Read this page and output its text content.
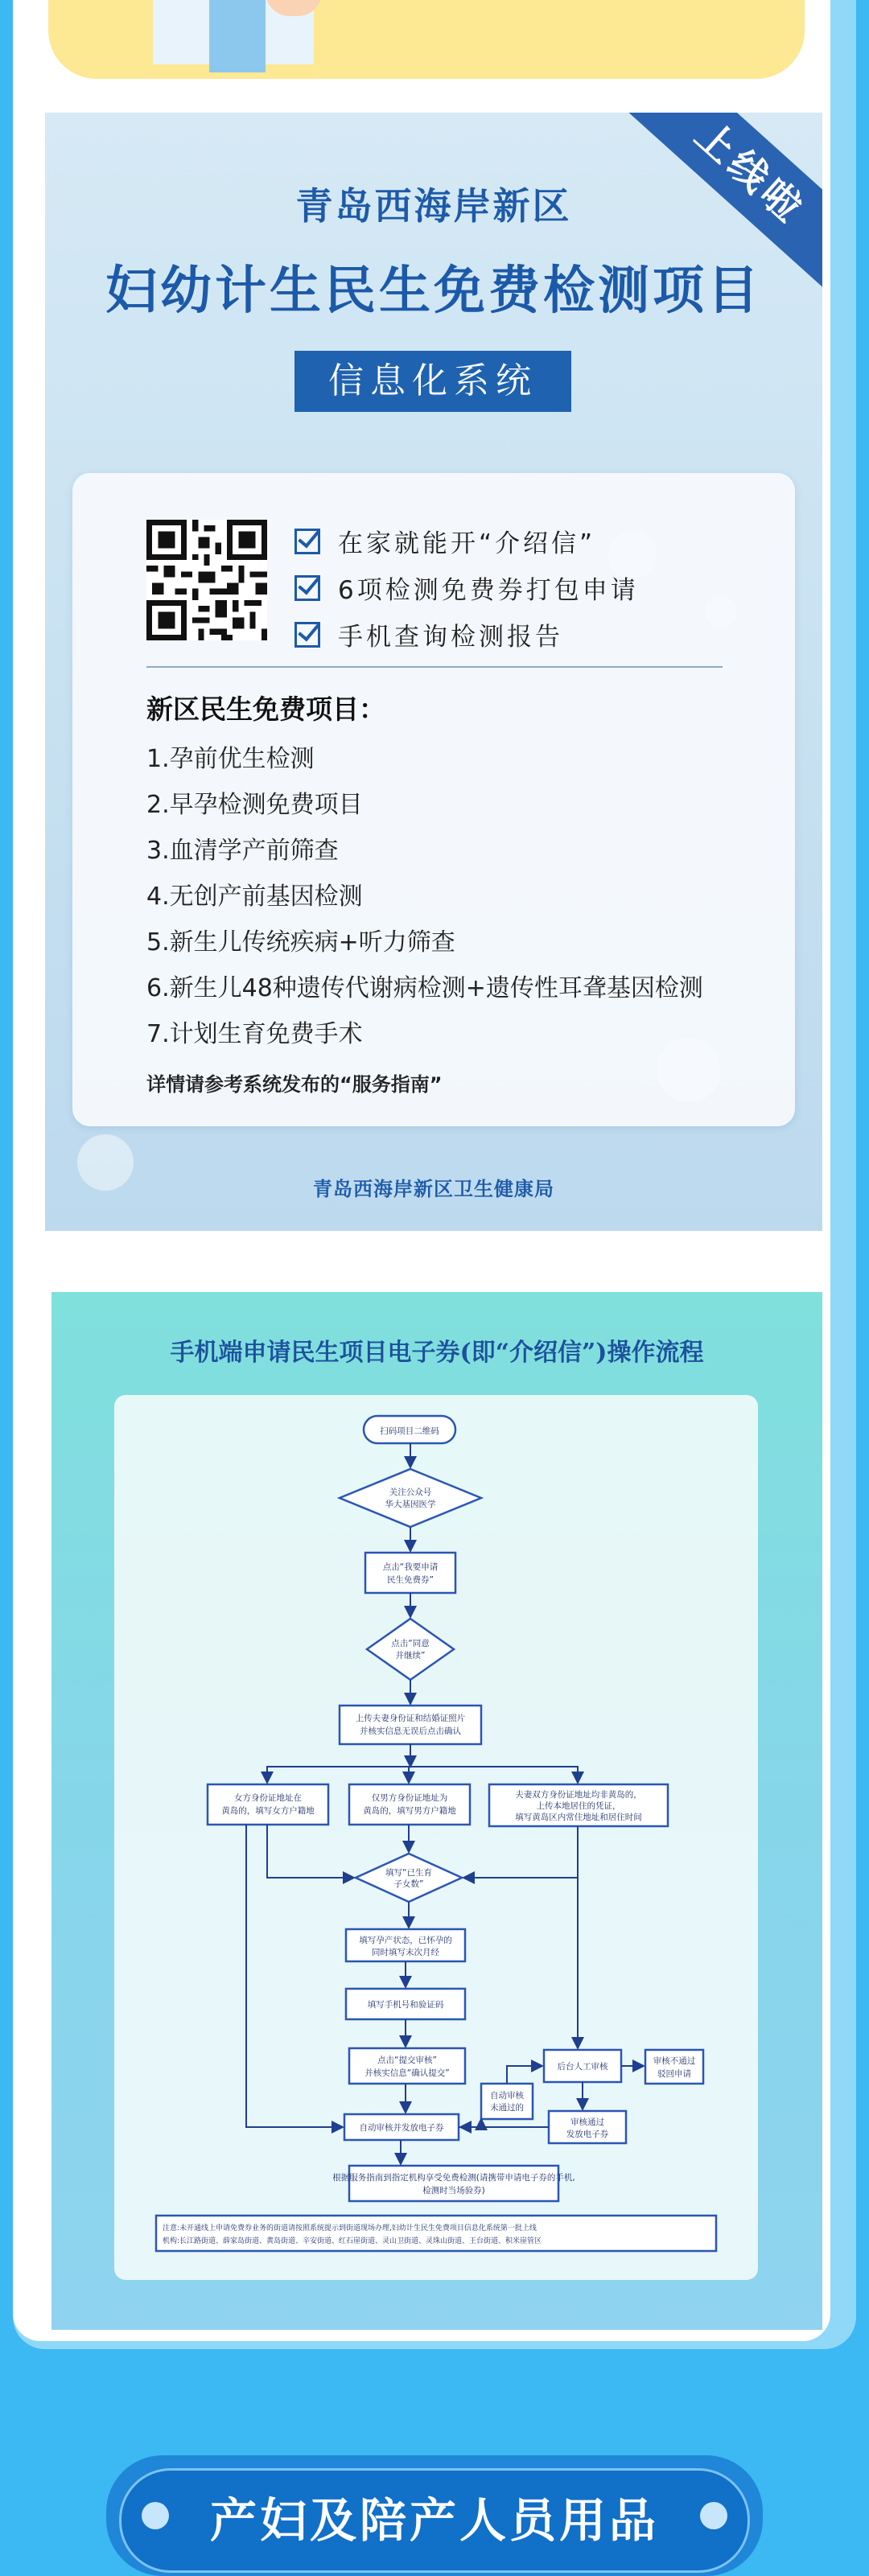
上线啦
青岛西海岸新区
妇幼计生民生免费检测项目
信息化系统
在家就能开“介绍信”
6项检测免费券打包申请
手机查询检测报告
新区民生免费项目：
1.孕前优生检测
2.早孕检测免费项目
3.血清学产前筛查
4.无创产前基因检测
5.新生儿传统疾病+听力筛查
6.新生儿48种遗传代谢病检测+遗传性耳聋基因检测
7.计划生育免费手术
详情请参考系统发布的“服务指南”
青岛西海岸新区卫生健康局
手机端申请民生项目电子券(即“介绍信”)操作流程
扫码项目二维码
关注公众号
华大基因医学
点击“我要申请
民生免费券”
点击“同意
并继续”
上传夫妻身份证和结婚证照片
并核实信息无误后点击确认
女方身份证地址在
黄岛的，填写女方户籍地
仅男方身份证地址为
黄岛的，填写男方户籍地
夫妻双方身份证地址均非黄岛的，
上传本地居住的凭证，
填写黄岛区内常住地址和居住时间
填写“已生育
子女数”
填写孕产状态，已怀孕的
同时填写末次月经
填写手机号和验证码
点击“提交审核”
并核实信息“确认提交”
自动审核
未通过的
后台人工审核
审核不通过
驳回申请
自动审核并发放电子券
审核通过
发放电子券
根据服务指南到指定机构享受免费检测(请携带申请电子券的手机,
检测时当场验券)
注意:未开通线上申请免费券业务的街道请按照系统提示到街道现场办理,妇幼计生民生免费项目信息化系统第一批上线
机构:长江路街道、薛家岛街道、黄岛街道、辛安街道、红石崖街道、灵山卫街道、灵珠山街道、王台街道、积米崖管区
产妇及陪产人员用品
